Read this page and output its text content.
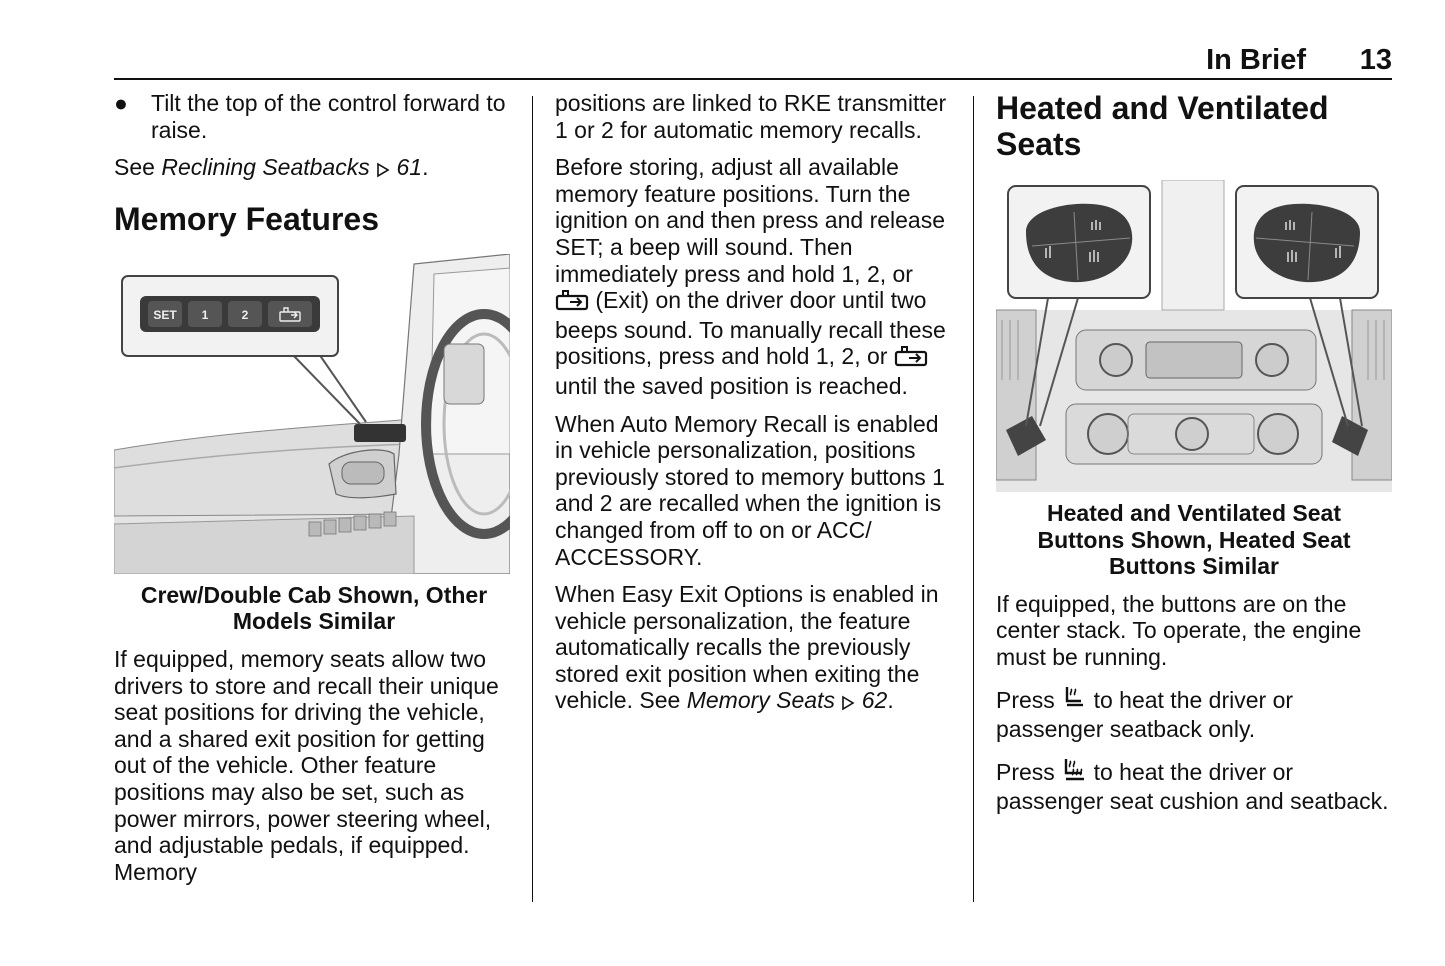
In Brief 13
●	Tilt the top of the control forward to raise.

See Reclining Seatbacks 61.

Memory Features
SET 1	2

Crew/Double Cab Shown, Other Models Similar

If equipped, memory seats allow two drivers to store and recall their unique seat positions for driving the vehicle, and a shared exit position for getting out of the vehicle. Other feature positions may also be set, such as power mirrors, power steering wheel, and adjustable pedals, if equipped. Memory

positions are linked to RKE transmitter 1 or 2 for automatic memory recalls.

Before storing, adjust all available memory feature positions. Turn the ignition on and then press and release SET; a beep will sound. Then immediately press and hold 1, 2, or  (Exit) on the driver door until two beeps sound. To manually recall these positions, press and hold 1, 2, or  until the saved position is reached.

When Auto Memory Recall is enabled in vehicle personalization, positions previously stored to memory buttons 1 and 2 are recalled when the ignition is changed from off to on or ACC/ ACCESSORY.

When Easy Exit Options is enabled in vehicle personalization, the feature automatically recalls the previously stored exit position when exiting the vehicle. See Memory Seats 62.

Heated and Ventilated Seats

Heated and Ventilated Seat Buttons Shown, Heated Seat Buttons Similar

If equipped, the buttons are on the center stack. To operate, the engine must be running.

Press  to heat the driver or passenger seatback only.

Press  to heat the driver or passenger seat cushion and seatback.
